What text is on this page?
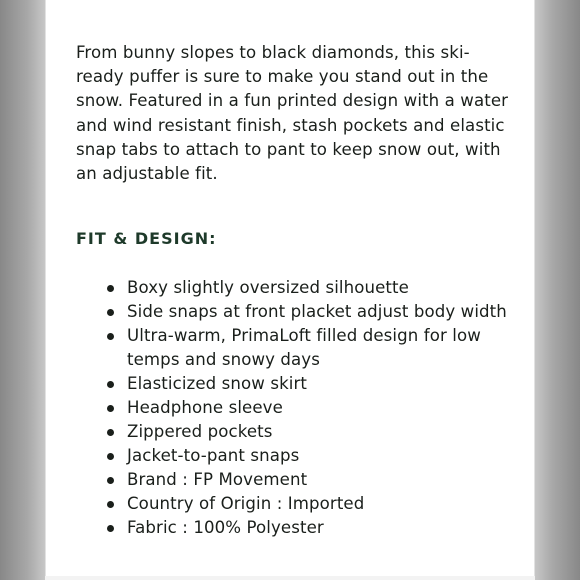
From bunny slopes to black diamonds, this ski-ready puffer is sure to make you stand out in the snow. Featured in a fun printed design with a water and wind resistant finish, stash pockets and elastic snap tabs to attach to pant to keep snow out, with an adjustable fit.

FIT & DESIGN:
Boxy slightly oversized silhouette
Side snaps at front placket adjust body width
Ultra-warm, PrimaLoft filled design for low temps and snowy days
Elasticized snow skirt
Headphone sleeve
Zippered pockets
Jacket-to-pant snaps
Brand : FP Movement
Country of Origin : Imported
Fabric : 100% Polyester
